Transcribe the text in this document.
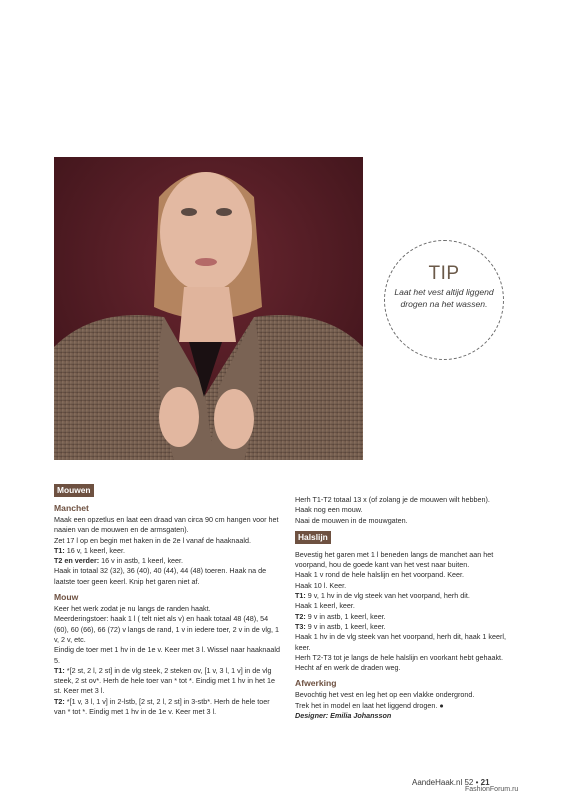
TIP
Laat het vest altijd liggend drogen na het wassen.
Mouwen
Manchet

Maak een opzetlus en laat een draad van circa 90 cm hangen voor het naaien van de mouwen en de armsgaten).

Zet 17 l op en begin met haken in de 2e l vanaf de haaknaald.

T1: 16 v, 1 keerl, keer.

T2 en verder: 16 v in astb, 1 keerl, keer.

Haak in totaal 32 (32), 36 (40), 40 (44), 44 (48) toeren. Haak na de laatste toer geen keerl. Knip het garen niet af.

Mouw

Keer het werk zodat je nu langs de randen haakt.

Meerderingstoer: haak 1 l ( telt niet als v) en haak totaal 48 (48), 54 (60), 60 (66), 66 (72) v langs de rand, 1 v in iedere toer, 2 v in de vlg, 1 v, 2 v, etc.

Eindig de toer met 1 hv in de 1e v. Keer met 3 l. Wissel naar haaknaald 5.

T1: *[2 st, 2 l, 2 st] in de vlg steek, 2 steken ov, [1 v, 3 l, 1 v] in de vlg steek, 2 st ov*. Herh de hele toer van * tot *. Eindig met 1 hv in het 1e st. Keer met 3 l.

T2: *[1 v, 3 l, 1 v] in 2-lstb, [2 st, 2 l, 2 st] in 3-stb*. Herh de hele toer van * tot *. Eindig met 1 hv in de 1e v. Keer met 3 l.

Herh T1-T2 totaal 13 x (of zolang je de mouwen wilt hebben).

Haak nog een mouw.

Naai de mouwen in de mouwgaten.

Halslijn

Bevestig het garen met 1 l beneden langs de manchet aan het voorpand, hou de goede kant van het vest naar buiten.

Haak 1 v rond de hele halslijn en het voorpand. Keer.

Haak 10 l. Keer.

T1: 9 v, 1 hv in de vlg steek van het voorpand, herh dit.

Haak 1 keerl, keer.

T2: 9 v in astb, 1 keerl, keer.

T3: 9 v in astb, 1 keerl, keer.

Haak 1 hv in de vlg steek van het voorpand, herh dit, haak 1 keerl, keer.

Herh T2-T3 tot je langs de hele halslijn en voorkant hebt gehaakt. Hecht af en werk de draden weg.

Afwerking

Bevochtig het vest en leg het op een vlakke ondergrond.

Trek het in model en laat het liggend drogen. ●

Designer: Emilia Johansson

AandeHaak.nl 52 • 21
FashionForum.ru
